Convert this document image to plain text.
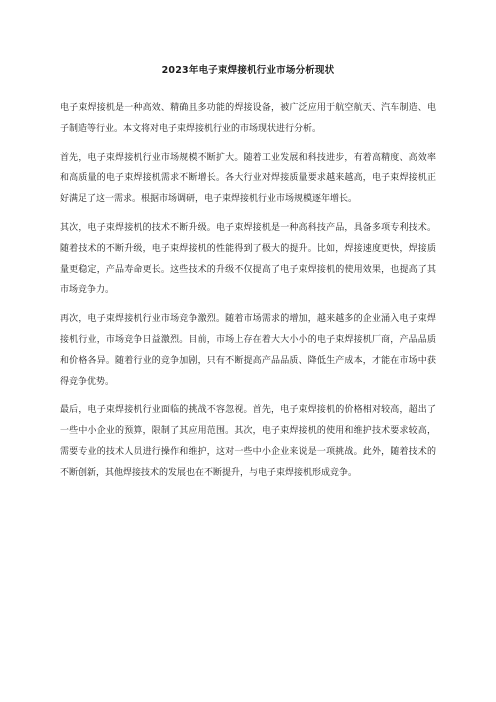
2023年电子束焊接机行业市场分析现状

电子束焊接机是一种高效、精确且多功能的焊接设备，被广泛应用于航空航天、汽车制造、电子制造等行业。本文将对电子束焊接机行业的市场现状进行分析。

首先，电子束焊接机行业市场规模不断扩大。随着工业发展和科技进步，有着高精度、高效率和高质量的电子束焊接机需求不断增长。各大行业对焊接质量要求越来越高，电子束焊接机正好满足了这一需求。根据市场调研，电子束焊接机行业市场规模逐年增长。

其次，电子束焊接机的技术不断升级。电子束焊接机是一种高科技产品，具备多项专利技术。随着技术的不断升级，电子束焊接机的性能得到了极大的提升。比如，焊接速度更快，焊接质量更稳定，产品寿命更长。这些技术的升级不仅提高了电子束焊接机的使用效果，也提高了其市场竞争力。

再次，电子束焊接机行业市场竞争激烈。随着市场需求的增加，越来越多的企业涌入电子束焊接机行业，市场竞争日益激烈。目前，市场上存在着大大小小的电子束焊接机厂商，产品品质和价格各异。随着行业的竞争加剧，只有不断提高产品品质、降低生产成本，才能在市场中获得竞争优势。

最后，电子束焊接机行业面临的挑战不容忽视。首先，电子束焊接机的价格相对较高，超出了一些中小企业的预算，限制了其应用范围。其次，电子束焊接机的使用和维护技术要求较高，需要专业的技术人员进行操作和维护，这对一些中小企业来说是一项挑战。此外，随着技术的不断创新，其他焊接技术的发展也在不断提升，与电子束焊接机形成竞争。
